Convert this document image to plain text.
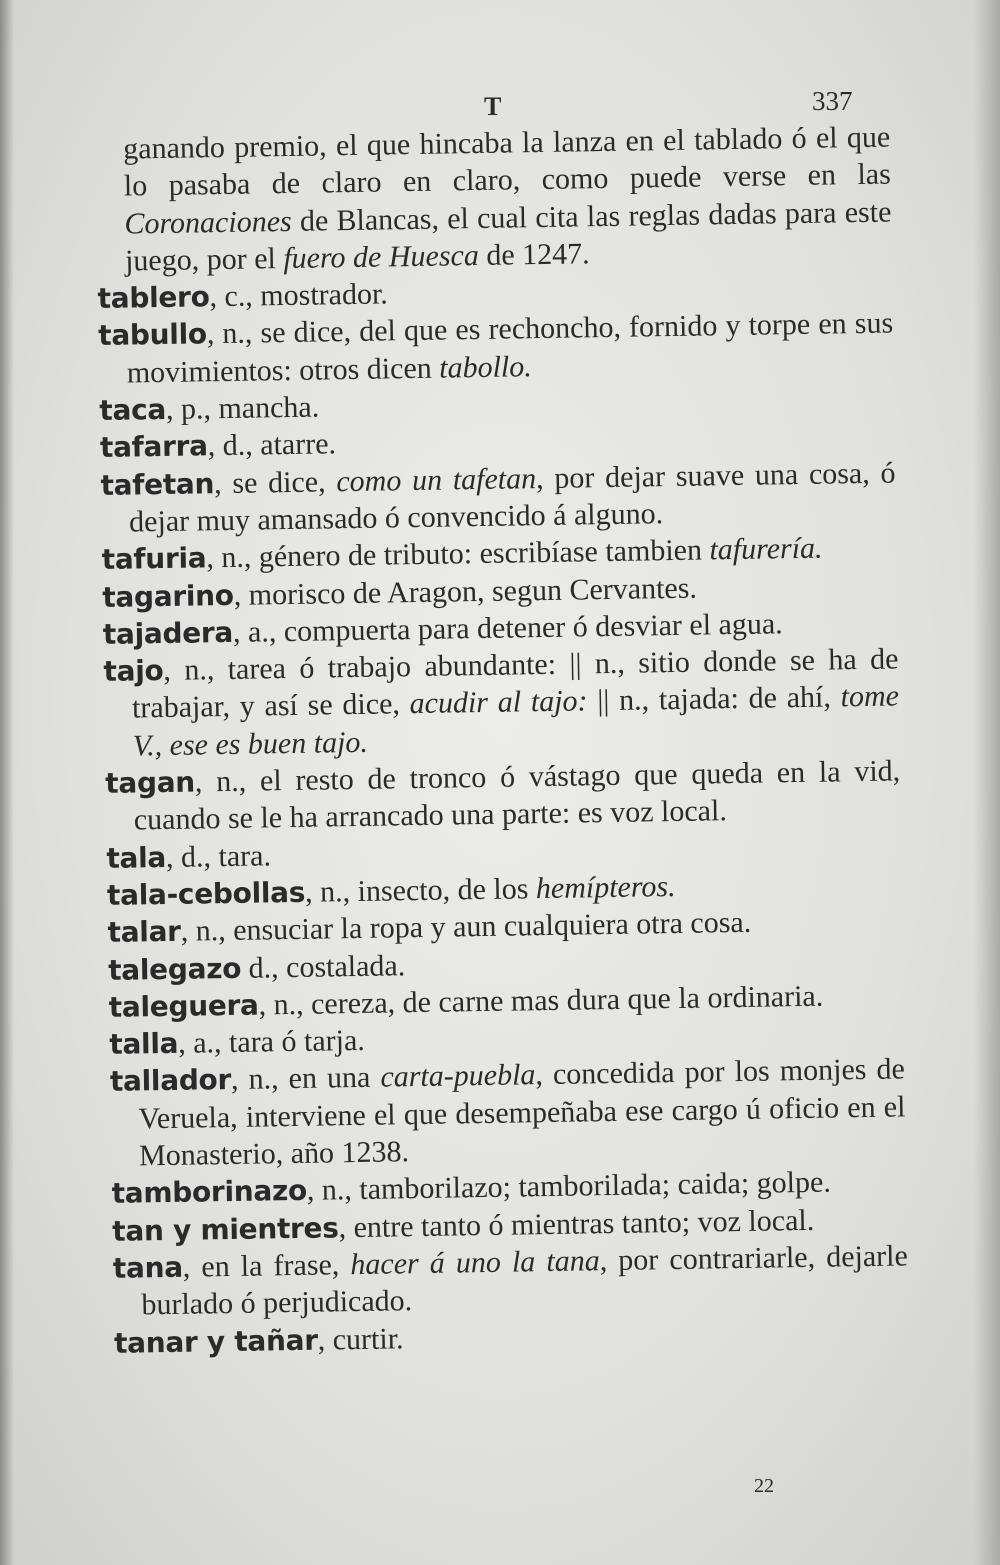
T	337
ganando premio, el que hincaba la lanza en el tablado ó el que lo pasaba de claro en claro, como puede verse en las Coronaciones de Blancas, el cual cita las reglas dadas para este juego, por el fuero de Huesca de 1247.
tablero, c., mostrador.
tabullo, n., se dice, del que es rechoncho, fornido y torpe en sus movimientos: otros dicen tabollo.
taca, p., mancha.
tafarra, d., atarre.
tafetan, se dice, como un tafetan, por dejar suave una cosa, ó dejar muy amansado ó convencido á alguno.
tafuria, n., género de tributo: escribíase tambien tafurería.
tagarino, morisco de Aragon, segun Cervantes.
tajadera, a., compuerta para detener ó desviar el agua.
tajo, n., tarea ó trabajo abundante: || n., sitio donde se ha de trabajar, y así se dice, acudir al tajo: || n., tajada: de ahí, tome V., ese es buen tajo.
tagan, n., el resto de tronco ó vástago que queda en la vid, cuando se le ha arrancado una parte: es voz local.
tala, d., tara.
tala-cebollas, n., insecto, de los hemípteros.
talar, n., ensuciar la ropa y aun cualquiera otra cosa.
talegazo d., costalada.
taleguera, n., cereza, de carne mas dura que la ordinaria.
talla, a., tara ó tarja.
tallador, n., en una carta-puebla, concedida por los monjes de Veruela, interviene el que desempeñaba ese cargo ú oficio en el Monasterio, año 1238.
tamborinazo, n., tamborilazo; tamborilada; caida; golpe.
tan y mientres, entre tanto ó mientras tanto; voz local.
tana, en la frase, hacer á uno la tana, por contrariarle, dejarle burlado ó perjudicado.
tanar y tañar, curtir.
22
